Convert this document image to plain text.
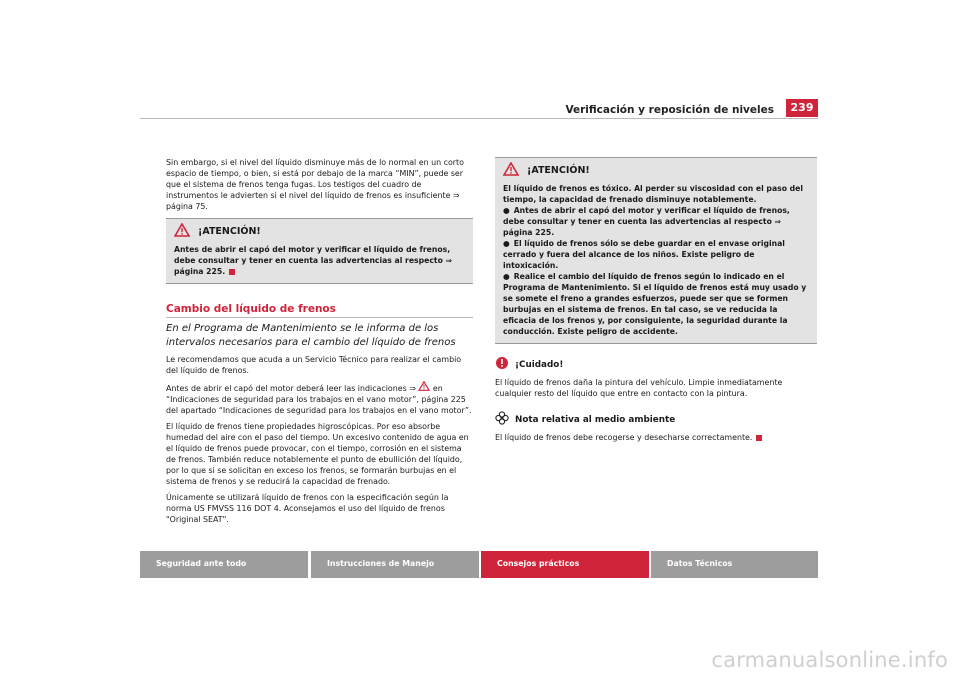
Verificación y reposición de niveles	239

Sin embargo, si el nivel del líquido disminuye más de lo normal en un corto espacio de tiempo, o bien, si está por debajo de la marca “MIN”, puede ser que el sistema de frenos tenga fugas. Los testigos del cuadro de instrumentos le advierten si el nivel del líquido de frenos es insuficiente ⇒ página 75.

¡ATENCIÓN!

Antes de abrir el capó del motor y verificar el líquido de frenos, debe consultar y tener en cuenta las advertencias al respecto ⇒ página 225.

Cambio del líquido de frenos
En el Programa de Mantenimiento se le informa de los intervalos necesarios para el cambio del líquido de frenos

Le recomendamos que acuda a un Servicio Técnico para realizar el cambio del líquido de frenos.

Antes de abrir el capó del motor deberá leer las indicaciones ⇒ en “Indicaciones de seguridad para los trabajos en el vano motor”, página 225 del apartado “Indicaciones de seguridad para los trabajos en el vano motor”.

El líquido de frenos tiene propiedades higroscópicas. Por eso absorbe humedad del aire con el paso del tiempo. Un excesivo contenido de agua en el líquido de frenos puede provocar, con el tiempo, corrosión en el sistema de frenos. También reduce notablemente el punto de ebullición del líquido, por lo que si se solicitan en exceso los frenos, se formarán burbujas en el sistema de frenos y se reducirá la capacidad de frenado.

Únicamente se utilizará líquido de frenos con la especificación según la norma US FMVSS 116 DOT 4. Aconsejamos el uso del líquido de frenos "Original SEAT".

¡ATENCIÓN!

El líquido de frenos es tóxico. Al perder su viscosidad con el paso del tiempo, la capacidad de frenado disminuye notablemente.

● Antes de abrir el capó del motor y verificar el líquido de frenos, debe consultar y tener en cuenta las advertencias al respecto ⇒ página 225.

● El líquido de frenos sólo se debe guardar en el envase original cerrado y fuera del alcance de los niños. Existe peligro de intoxicación.

● Realice el cambio del líquido de frenos según lo indicado en el Programa de Mantenimiento. Si el líquido de frenos está muy usado y se somete el freno a grandes esfuerzos, puede ser que se formen burbujas en el sistema de frenos. En tal caso, se ve reducida la eficacia de los frenos y, por consiguiente, la seguridad durante la conducción. Existe peligro de accidente.

¡Cuidado!

El líquido de frenos daña la pintura del vehículo. Limpie inmediatamente cualquier resto del líquido que entre en contacto con la pintura.

Nota relativa al medio ambiente

El líquido de frenos debe recogerse y desecharse correctamente.

Seguridad ante todo	Instrucciones de Manejo	Consejos prácticos	Datos Técnicos
carmanualsonline.info
